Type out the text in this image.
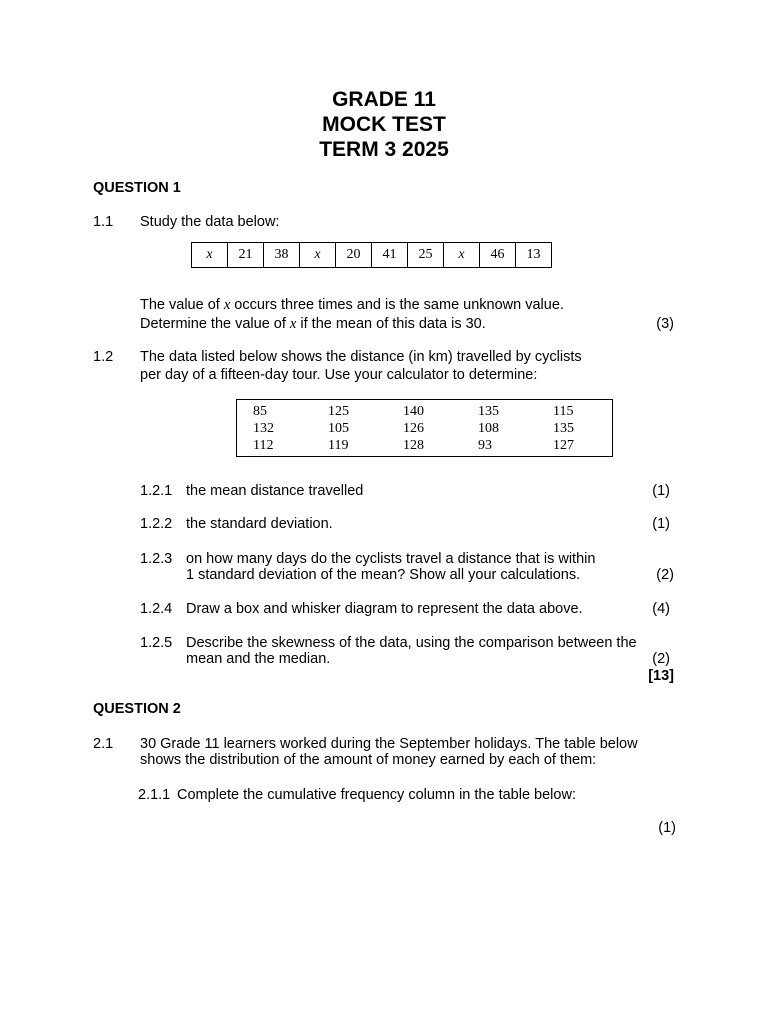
GRADE 11
MOCK TEST
TERM 3 2025
QUESTION 1
1.1 Study the data below:
x	21	38	x	20	41	25	x	46	13
The value of x occurs three times and is the same unknown value.
Determine the value of x if the mean of this data is 30.	(3)
1.2 The data listed below shows the distance (in km) travelled by cyclists
per day of a fifteen-day tour. Use your calculator to determine:
85	125	140	135	115
132	105	126	108	135
112	119	128	93	127
1.2.1 the mean distance travelled	(1)
1.2.2 the standard deviation.	(1)
1.2.3 on how many days do the cyclists travel a distance that is within
1 standard deviation of the mean? Show all your calculations.	(2)
1.2.4 Draw a box and whisker diagram to represent the data above.	(4)
1.2.5 Describe the skewness of the data, using the comparison between the
mean and the median.	(2)
[13]
QUESTION 2
2.1 30 Grade 11 learners worked during the September holidays. The table below
shows the distribution of the amount of money earned by each of them:
2.1.1 Complete the cumulative frequency column in the table below:
(1)
